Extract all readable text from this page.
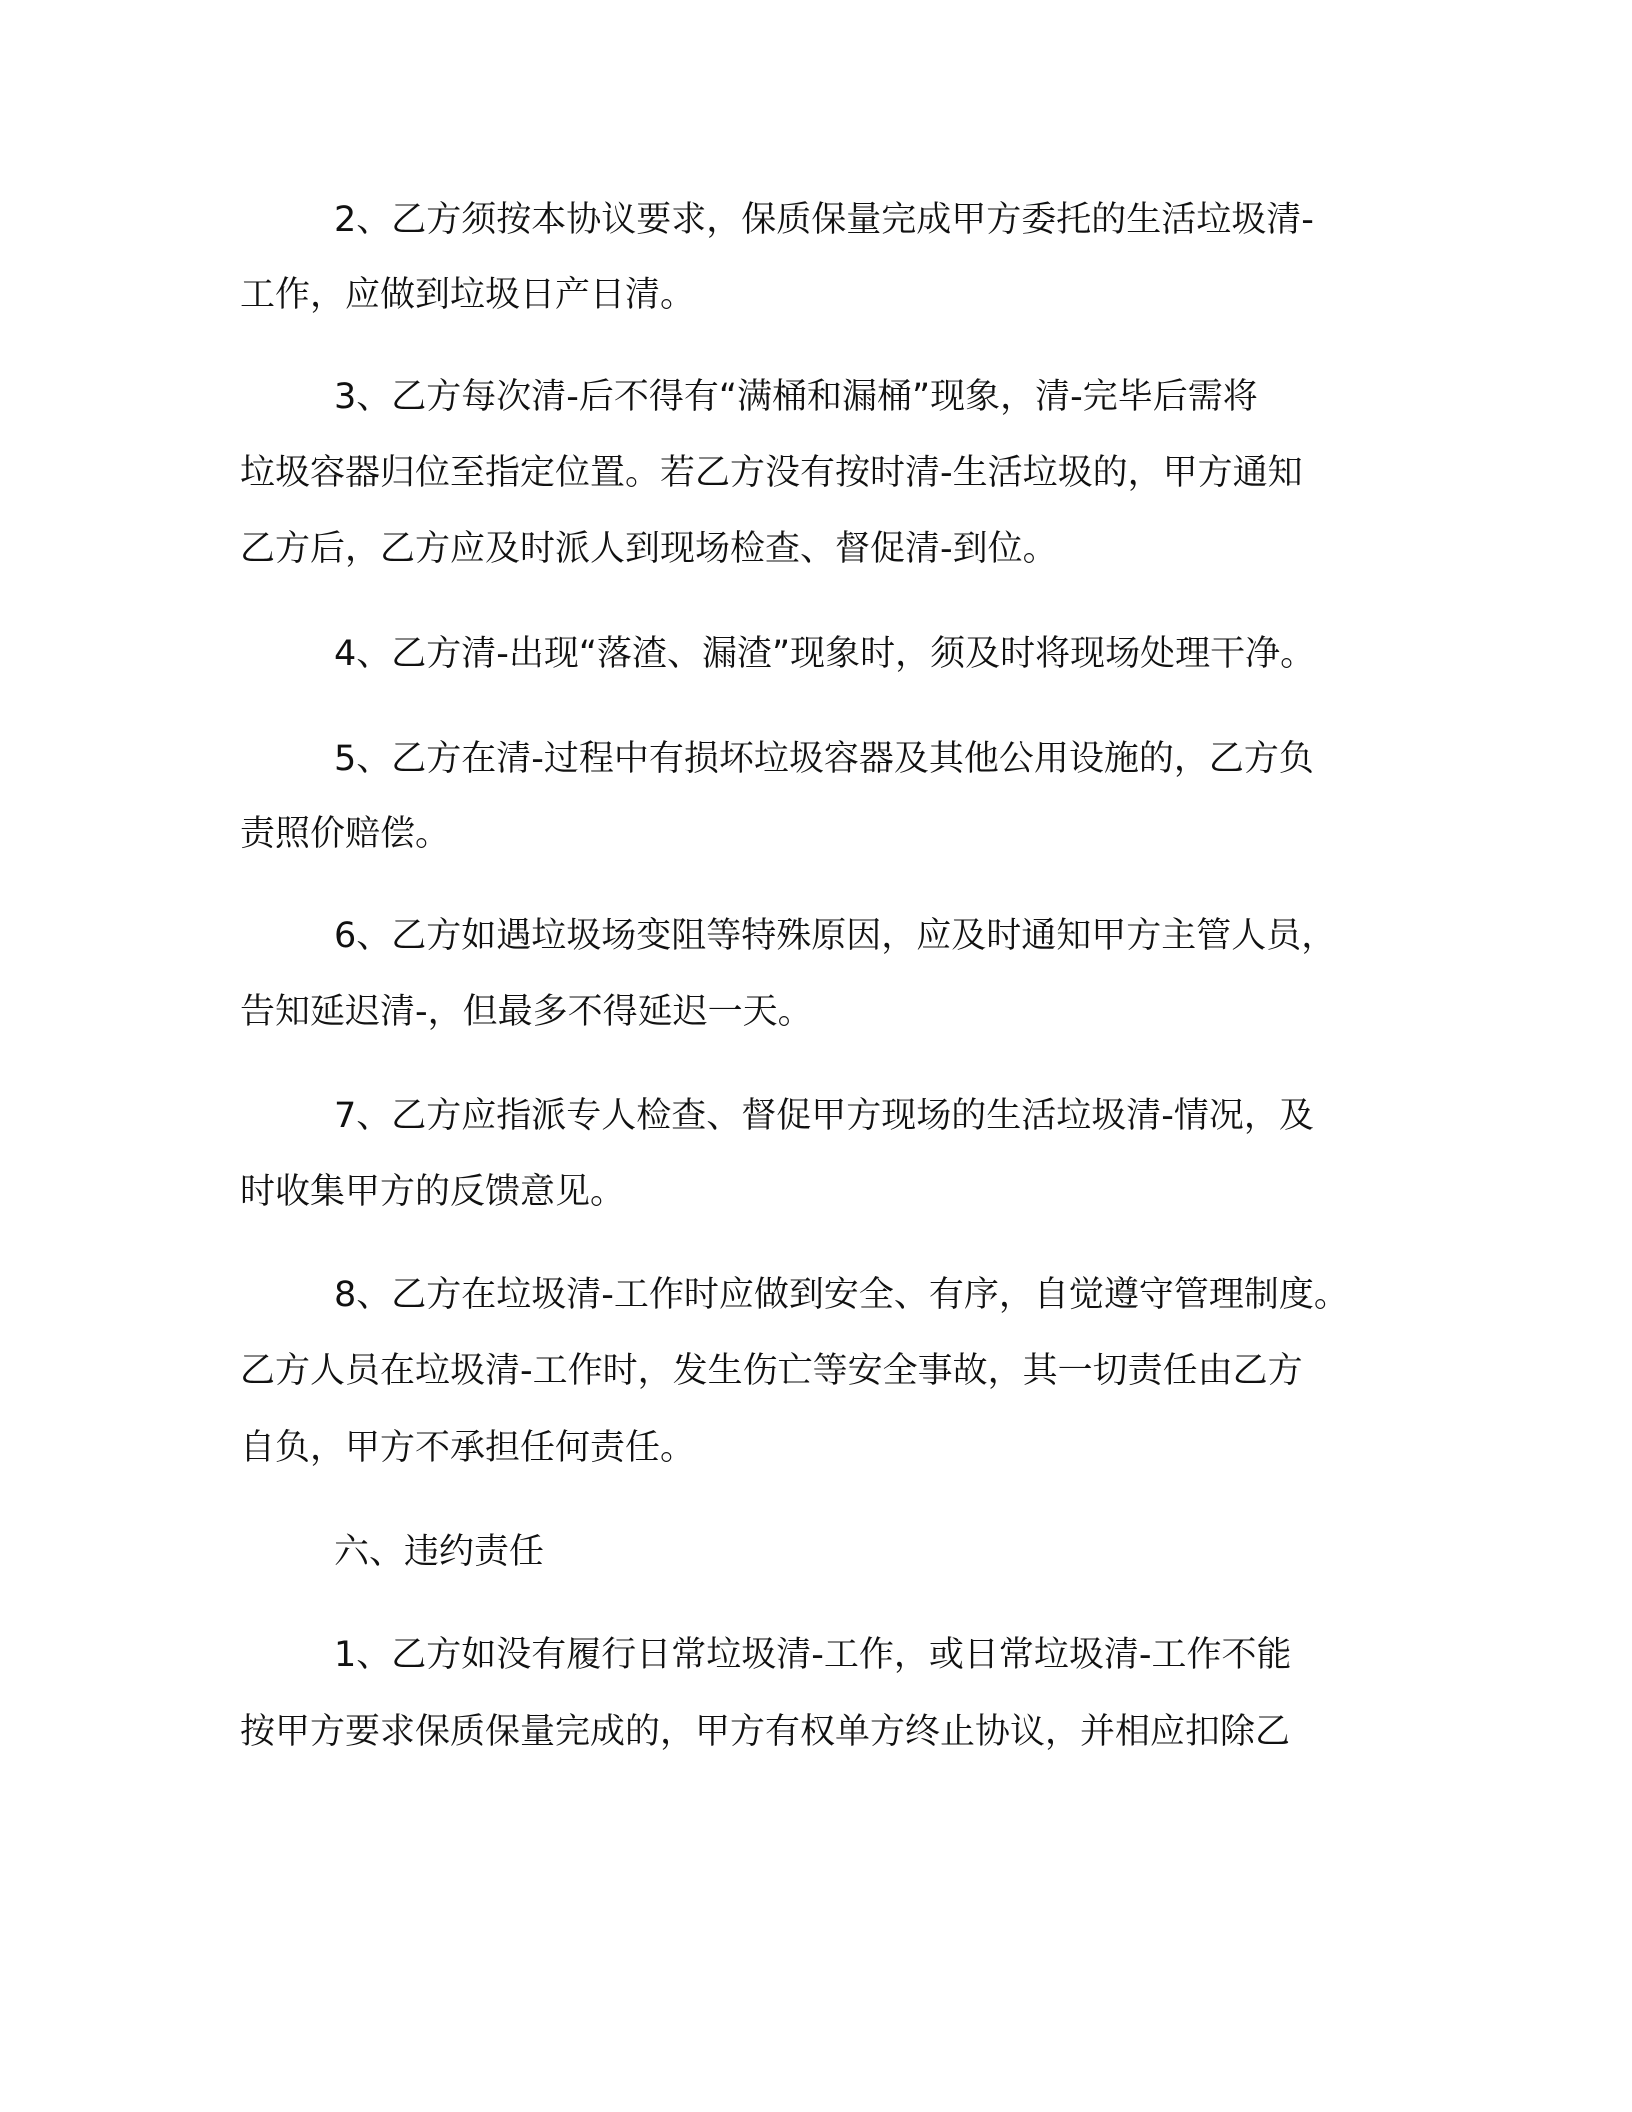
2、乙方须按本协议要求，保质保量完成甲方委托的生活垃圾清-

工作，应做到垃圾日产日清。

3、乙方每次清-后不得有“满桶和漏桶”现象，清-完毕后需将

垃圾容器归位至指定位置。若乙方没有按时清-生活垃圾的，甲方通知

乙方后，乙方应及时派人到现场检查、督促清-到位。

4、乙方清-出现“落渣、漏渣”现象时，须及时将现场处理干净。

5、乙方在清-过程中有损坏垃圾容器及其他公用设施的，乙方负

责照价赔偿。

6、乙方如遇垃圾场变阻等特殊原因，应及时通知甲方主管人员，

告知延迟清-，但最多不得延迟一天。

7、乙方应指派专人检查、督促甲方现场的生活垃圾清-情况，及

时收集甲方的反馈意见。

8、乙方在垃圾清-工作时应做到安全、有序，自觉遵守管理制度。

乙方人员在垃圾清-工作时，发生伤亡等安全事故，其一切责任由乙方

自负，甲方不承担任何责任。

六、违约责任

1、乙方如没有履行日常垃圾清-工作，或日常垃圾清-工作不能

按甲方要求保质保量完成的，甲方有权单方终止协议，并相应扣除乙
